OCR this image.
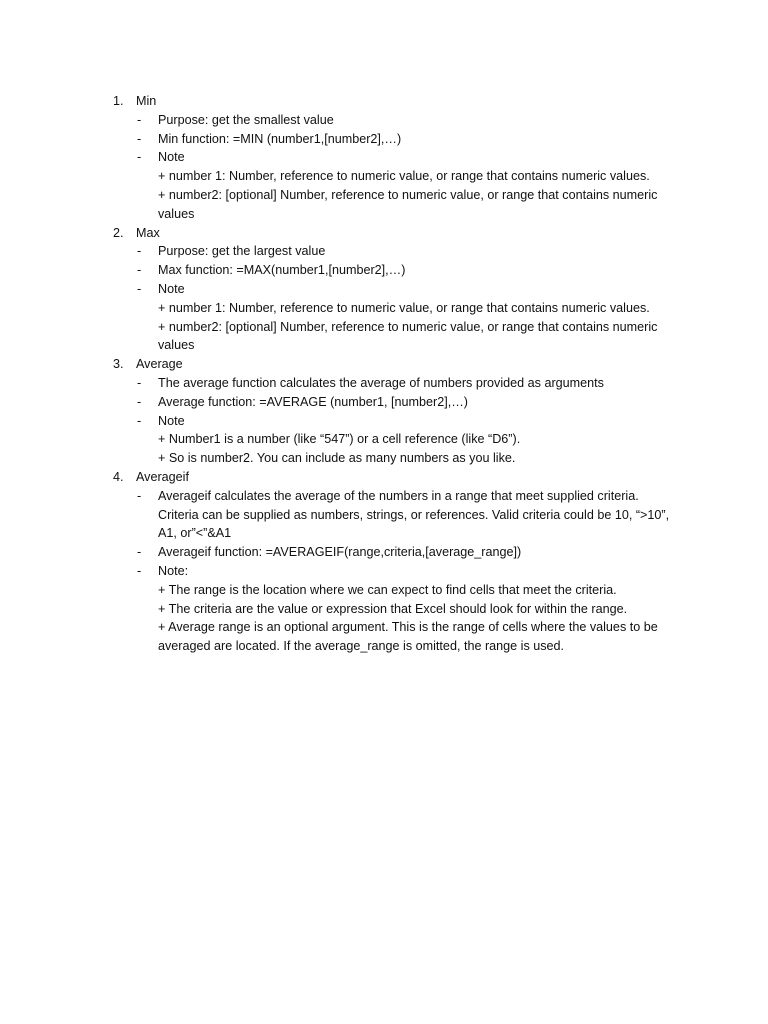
1. Min
- Purpose: get the smallest value
- Min function: =MIN (number1,[number2],…)
- Note
+ number 1: Number, reference to numeric value, or range that contains numeric values.
+ number2: [optional] Number, reference to numeric value, or range that contains numeric
values
2. Max
- Purpose: get the largest value
- Max function: =MAX(number1,[number2],…)
- Note
+ number 1: Number, reference to numeric value, or range that contains numeric values.
+ number2: [optional] Number, reference to numeric value, or range that contains numeric
values
3. Average
- The average function calculates the average of numbers provided as arguments
- Average function: =AVERAGE (number1, [number2],…)
- Note
+ Number1 is a number (like “547”) or a cell reference (like “D6”).
+ So is number2. You can include as many numbers as you like.
4. Averageif
- Averageif calculates the average of the numbers in a range that meet supplied criteria.
Criteria can be supplied as numbers, strings, or references. Valid criteria could be 10, “>10”,
A1, or”<”&A1
- Averageif function: =AVERAGEIF(range,criteria,[average_range])
- Note:
+ The range is the location where we can expect to find cells that meet the criteria.
+ The criteria are the value or expression that Excel should look for within the range.
+ Average range is an optional argument. This is the range of cells where the values to be
averaged are located. If the average_range is omitted, the range is used.
